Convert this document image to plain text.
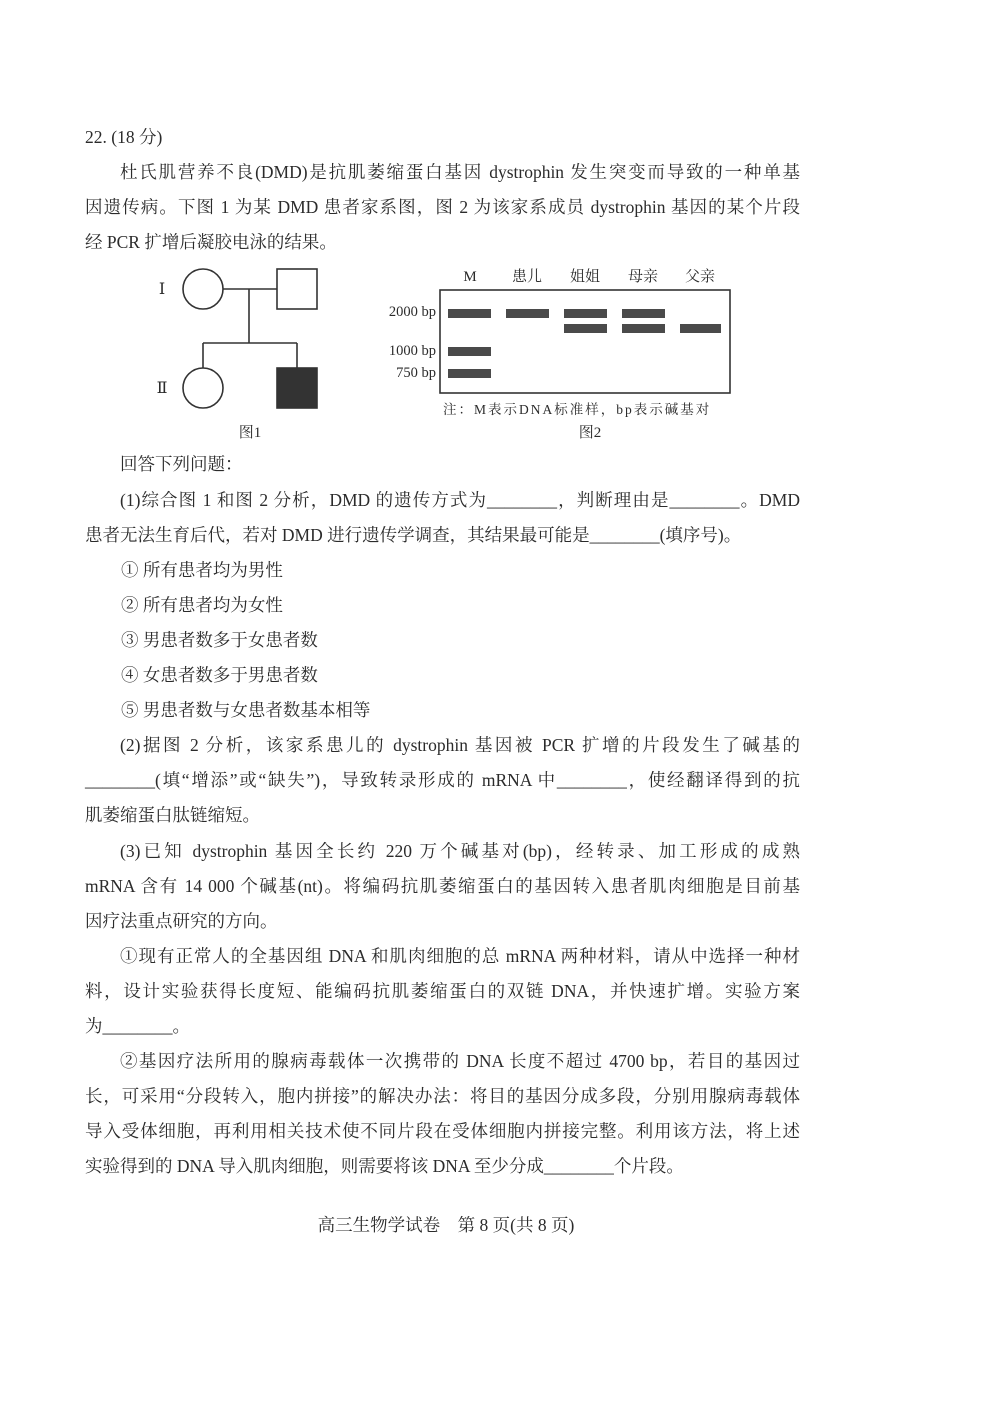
22. (18 分)
杜氏肌营养不良(DMD)是抗肌萎缩蛋白基因 dystrophin 发生突变而导致的一种单基
因遗传病。下图 1 为某 DMD 患者家系图，图 2 为该家系成员 dystrophin 基因的某个片段
经 PCR 扩增后凝胶电泳的结果。
Ⅰ
Ⅱ
图1
M	患儿	姐姐	母亲	父亲
2000 bp
1000 bp
750 bp
注：M表示DNA标准样，bp表示碱基对
图2
回答下列问题：
(1)综合图 1 和图 2 分析，DMD 的遗传方式为________，判断理由是________。DMD
患者无法生育后代，若对 DMD 进行遗传学调查，其结果最可能是________(填序号)。
① 所有患者均为男性
② 所有患者均为女性
③ 男患者数多于女患者数
④ 女患者数多于男患者数
⑤ 男患者数与女患者数基本相等
(2)据图 2 分析，该家系患儿的 dystrophin 基因被 PCR 扩增的片段发生了碱基的
________(填“增添”或“缺失”)，导致转录形成的 mRNA 中________，使经翻译得到的抗
肌萎缩蛋白肽链缩短。
(3)已知 dystrophin 基因全长约 220 万个碱基对(bp)，经转录、加工形成的成熟
mRNA 含有 14 000 个碱基(nt)。将编码抗肌萎缩蛋白的基因转入患者肌肉细胞是目前基
因疗法重点研究的方向。
①现有正常人的全基因组 DNA 和肌肉细胞的总 mRNA 两种材料，请从中选择一种材
料，设计实验获得长度短、能编码抗肌萎缩蛋白的双链 DNA，并快速扩增。实验方案
为________。
②基因疗法所用的腺病毒载体一次携带的 DNA 长度不超过 4700 bp，若目的基因过
长，可采用“分段转入，胞内拼接”的解决办法：将目的基因分成多段，分别用腺病毒载体
导入受体细胞，再利用相关技术使不同片段在受体细胞内拼接完整。利用该方法，将上述
实验得到的 DNA 导入肌肉细胞，则需要将该 DNA 至少分成________个片段。
高三生物学试卷　第 8 页(共 8 页)
